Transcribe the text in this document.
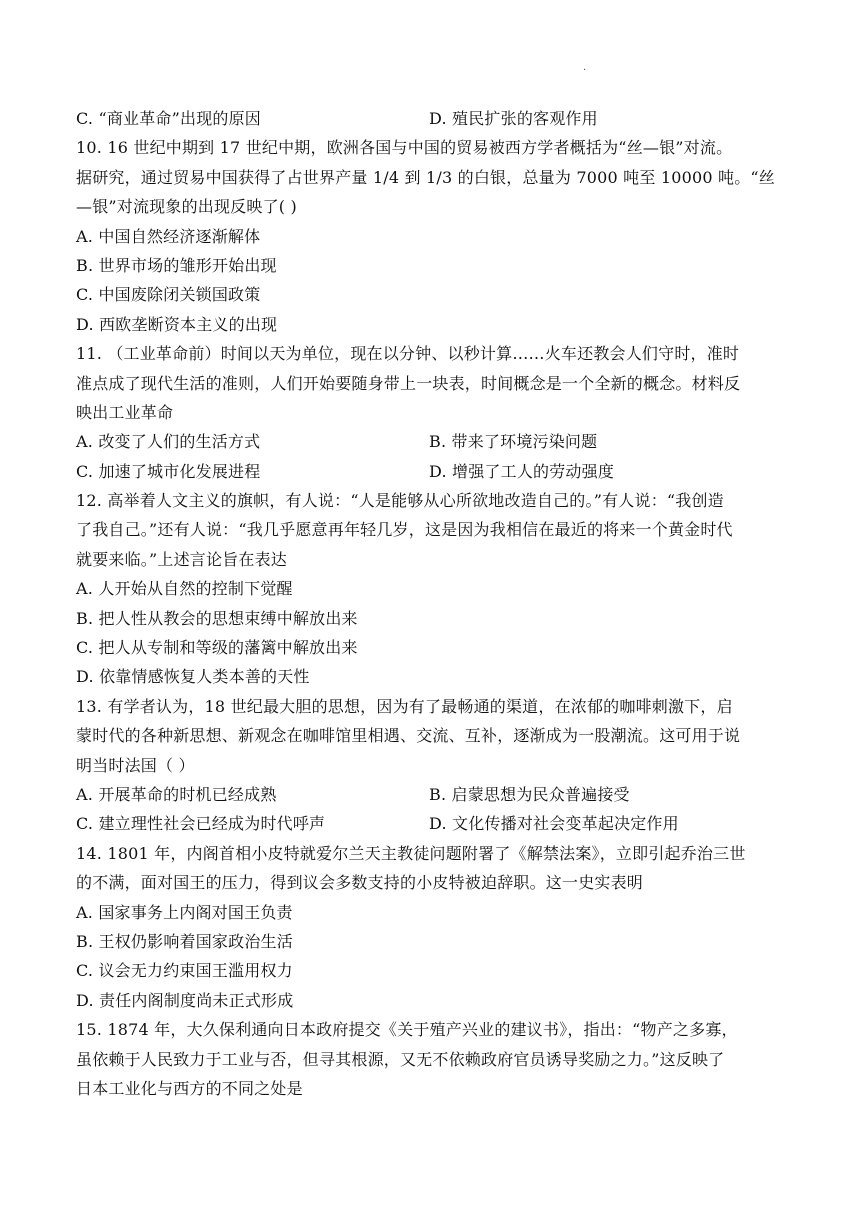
.
C. “商业革命”出现的原因	D. 殖民扩张的客观作用
10. 16 世纪中期到 17 世纪中期，欧洲各国与中国的贸易被西方学者概括为“丝—银”对流。
据研究，通过贸易中国获得了占世界产量 1/4 到 1/3 的白银，总量为 7000 吨至 10000 吨。“丝
—银”对流现象的出现反映了( )
A. 中国自然经济逐渐解体
B. 世界市场的雏形开始出现
C. 中国废除闭关锁国政策
D. 西欧垄断资本主义的出现
11. （工业革命前）时间以天为单位，现在以分钟、以秒计算……火车还教会人们守时，准时
准点成了现代生活的准则，人们开始要随身带上一块表，时间概念是一个全新的概念。材料反
映出工业革命
A. 改变了人们的生活方式	B. 带来了环境污染问题
C. 加速了城市化发展进程	D. 增强了工人的劳动强度
12. 高举着人文主义的旗帜，有人说：“人是能够从心所欲地改造自己的。”有人说：“我创造
了我自己。”还有人说：“我几乎愿意再年轻几岁，这是因为我相信在最近的将来一个黄金时代
就要来临。”上述言论旨在表达
A. 人开始从自然的控制下觉醒
B. 把人性从教会的思想束缚中解放出来
C. 把人从专制和等级的藩篱中解放出来
D. 依靠情感恢复人类本善的天性
13. 有学者认为，18 世纪最大胆的思想，因为有了最畅通的渠道，在浓郁的咖啡刺激下，启
蒙时代的各种新思想、新观念在咖啡馆里相遇、交流、互补，逐渐成为一股潮流。这可用于说
明当时法国（ ）
A. 开展革命的时机已经成熟	B. 启蒙思想为民众普遍接受
C. 建立理性社会已经成为时代呼声	D. 文化传播对社会变革起决定作用
14. 1801 年，内阁首相小皮特就爱尔兰天主教徒问题附署了《解禁法案》，立即引起乔治三世
的不满，面对国王的压力，得到议会多数支持的小皮特被迫辞职。这一史实表明
A. 国家事务上内阁对国王负责
B. 王权仍影响着国家政治生活
C. 议会无力约束国王滥用权力
D. 责任内阁制度尚未正式形成
15. 1874 年，大久保利通向日本政府提交《关于殖产兴业的建议书》，指出：“物产之多寡，
虽依赖于人民致力于工业与否，但寻其根源，又无不依赖政府官员诱导奖励之力。”这反映了
日本工业化与西方的不同之处是
